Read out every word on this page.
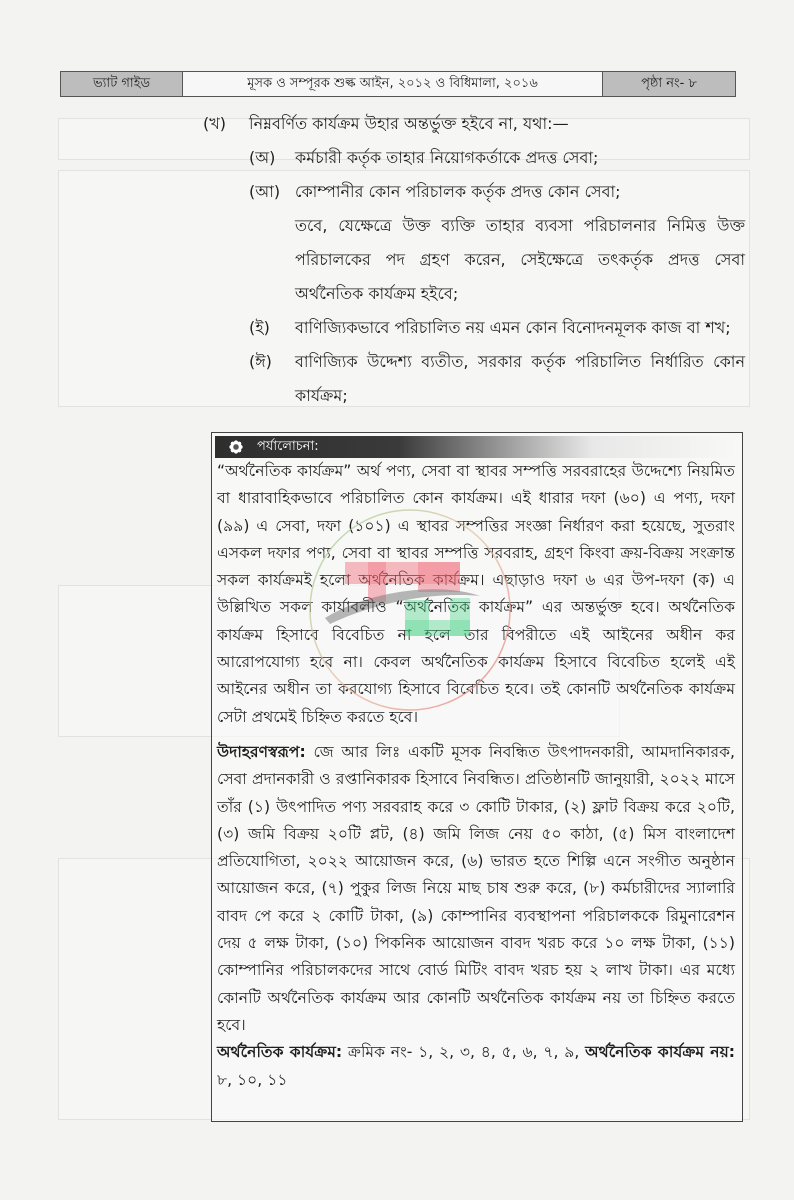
ভ্যাট গাইড	মূসক ও সম্পূরক শুল্ক আইন, ২০১২ ও বিধিমালা, ২০১৬	পৃষ্ঠা নং- ৮
(খ)	নিম্নবর্ণিত কার্যক্রম উহার অন্তর্ভুক্ত হইবে না, যথা:—
(অ)	কর্মচারী কর্তৃক তাহার নিয়োগকর্তাকে প্রদত্ত সেবা;
(আ) কোম্পানীর কোন পরিচালক কর্তৃক প্রদত্ত কোন সেবা;
তবে, যেক্ষেত্রে উক্ত ব্যক্তি তাহার ব্যবসা পরিচালনার নিমিত্ত উক্ত পরিচালকের পদ গ্রহণ করেন, সেইক্ষেত্রে তৎকর্তৃক প্রদত্ত সেবা অর্থনৈতিক কার্যক্রম হইবে;
(ই)	বাণিজ্যিকভাবে পরিচালিত নয় এমন কোন বিনোদনমূলক কাজ বা শখ;
(ঈ)	বাণিজ্যিক উদ্দেশ্য ব্যতীত, সরকার কর্তৃক পরিচালিত নির্ধারিত কোন কার্যক্রম;
পর্যালোচনা:

“অর্থনৈতিক কার্যক্রম” অর্থ পণ্য, সেবা বা স্থাবর সম্পত্তি সরবরাহের উদ্দেশ্যে নিয়মিত বা ধারাবাহিকভাবে পরিচালিত কোন কার্যক্রম। এই ধারার দফা (৬০) এ পণ্য, দফা (৯৯) এ সেবা, দফা (১০১) এ স্থাবর সম্পত্তির সংজ্ঞা নির্ধারণ করা হয়েছে, সুতরাং এসকল দফার পণ্য, সেবা বা স্থাবর সম্পত্তি সরবরাহ, গ্রহণ কিংবা ক্রয়-বিক্রয় সংক্রান্ত সকল কার্যক্রমই হলো অর্থনৈতিক কার্যক্রম। এছাড়াও দফা ৬ এর উপ-দফা (ক) এ উল্লিখিত সকল কার্যাবলীও “অর্থনৈতিক কার্যক্রম” এর অন্তর্ভুক্ত হবে। অর্থনৈতিক কার্যক্রম হিসাবে বিবেচিত না হলে তার বিপরীতে এই আইনের অধীন কর আরোপযোগ্য হবে না। কেবল অর্থনৈতিক কার্যক্রম হিসাবে বিবেচিত হলেই এই আইনের অধীন তা করযোগ্য হিসাবে বিবেচিত হবে। তই কোনটি অর্থনৈতিক কার্যক্রম সেটা প্রথমেই চিহ্নিত করতে হবে।

উদাহরণস্বরূপ: জে আর লিঃ একটি মূসক নিবন্ধিত উৎপাদনকারী, আমদানিকারক, সেবা প্রদানকারী ও রপ্তানিকারক হিসাবে নিবন্ধিত। প্রতিষ্ঠানটি জানুয়ারী, ২০২২ মাসে তাঁর (১) উৎপাদিত পণ্য সরবরাহ করে ৩ কোটি টাকার, (২) ফ্লাট বিক্রয় করে ২০টি, (৩) জমি বিক্রয় ২০টি প্লট, (৪) জমি লিজ নেয় ৫০ কাঠা, (৫) মিস বাংলাদেশ প্রতিযোগিতা, ২০২২ আয়োজন করে, (৬) ভারত হতে শিল্পি এনে সংগীত অনুষ্ঠান আয়োজন করে, (৭) পুকুর লিজ নিয়ে মাছ চাষ শুরু করে, (৮) কর্মচারীদের স্যালারি বাবদ পে করে ২ কোটি টাকা, (৯) কোম্পানির ব্যবস্থাপনা পরিচালককে রিমুনারেশন দেয় ৫ লক্ষ টাকা, (১০) পিকনিক আয়োজন বাবদ খরচ করে ১০ লক্ষ টাকা, (১১) কোম্পানির পরিচালকদের সাথে বোর্ড মিটিং বাবদ খরচ হয় ২ লাখ টাকা। এর মধ্যে কোনটি অর্থনৈতিক কার্যক্রম আর কোনটি অর্থনৈতিক কার্যক্রম নয় তা চিহ্নিত করতে হবে।

অর্থনৈতিক কার্যক্রম: ক্রমিক নং- ১, ২, ৩, ৪, ৫, ৬, ৭, ৯, অর্থনৈতিক কার্যক্রম নয়: ৮, ১০, ১১
